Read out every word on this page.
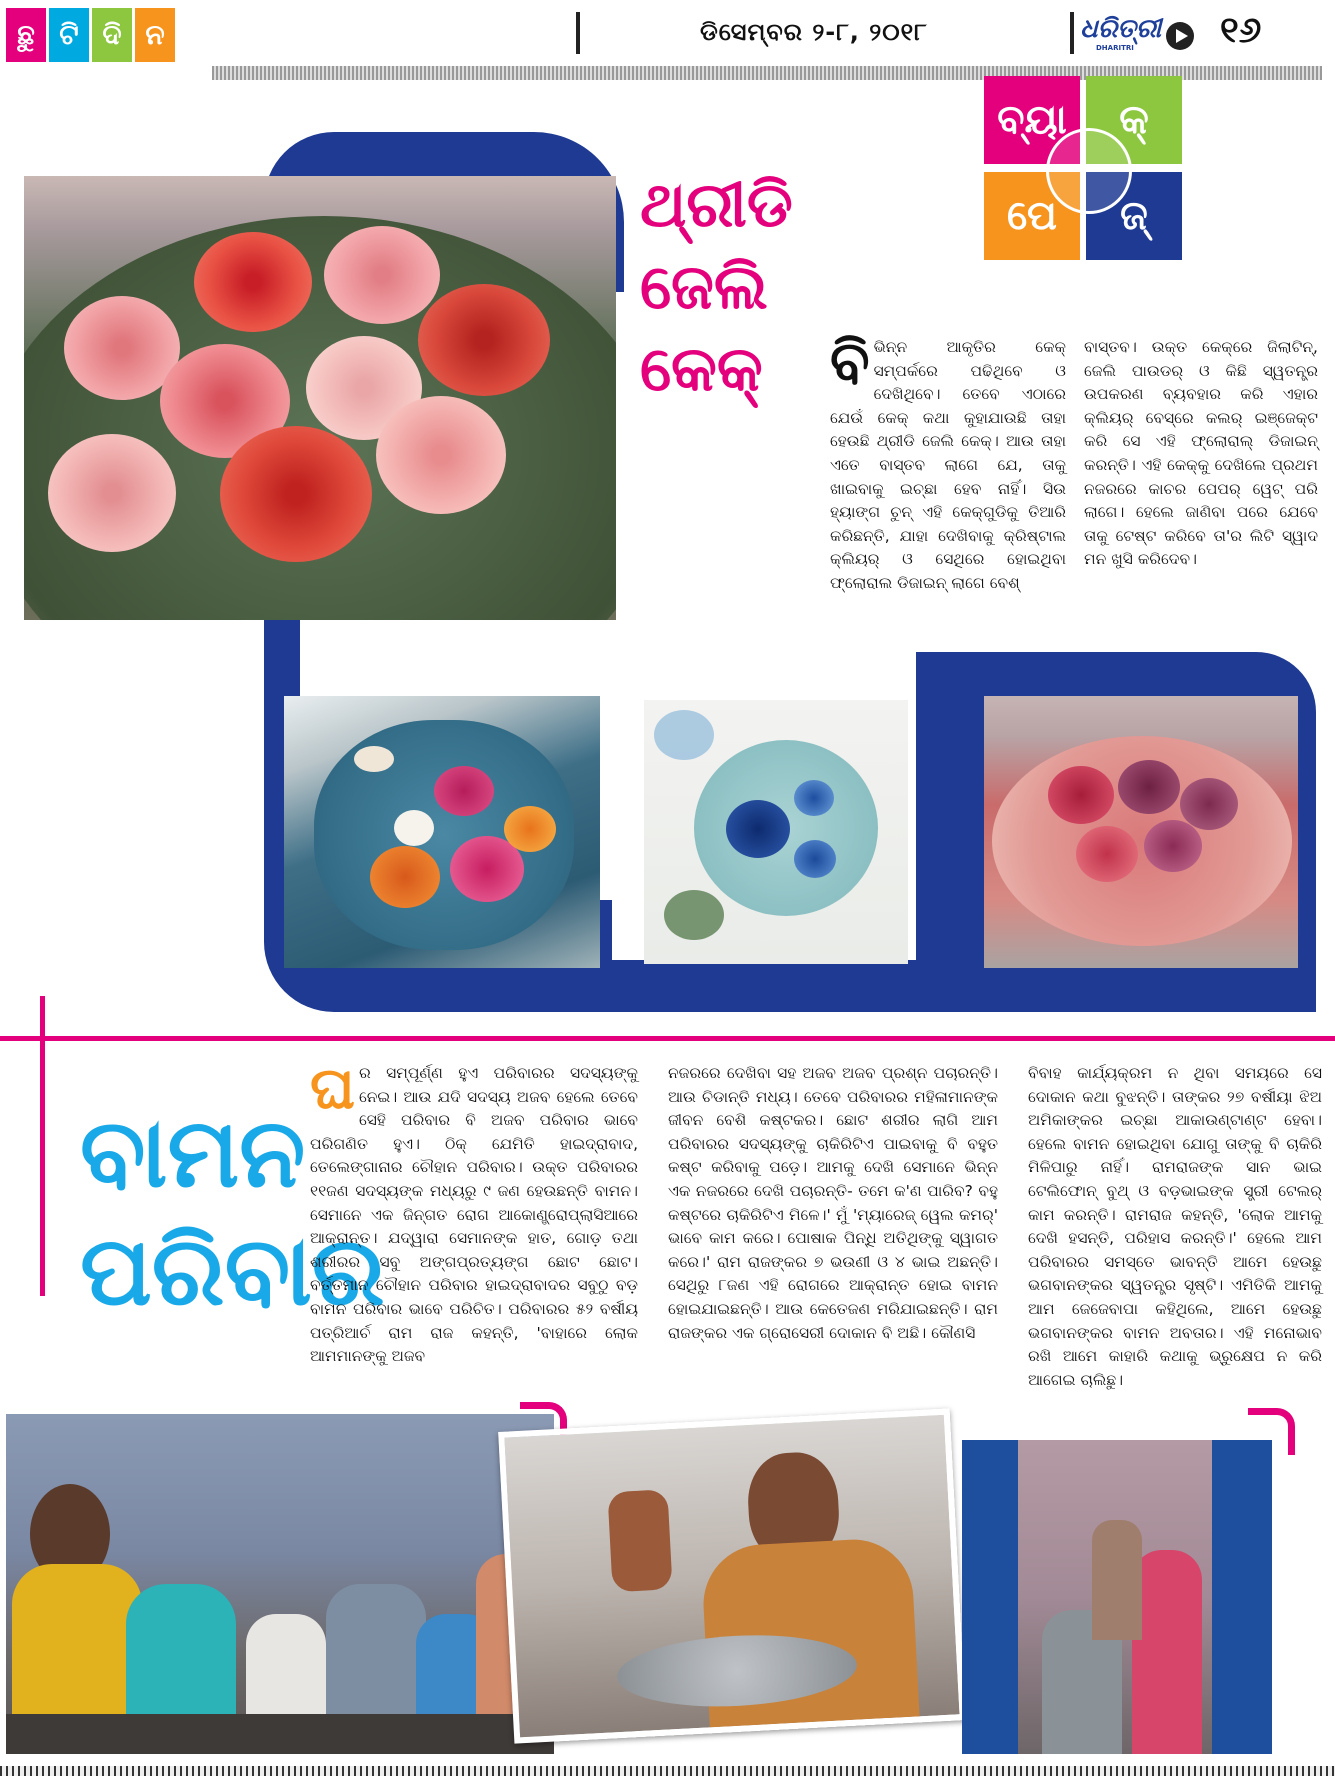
ଛୁ ଟି ଦି ନ	ଡିସେମ୍ବର ୨-୮, ୨୦୧୮	ଧରିତ୍ରୀ
DHARITRI ୧୬
ବ୍ୟା	କ୍
ପେ	ଜ୍
ଥ୍ରୀଡି
ଜେଲି
କେକ୍	ବି ଭିନ୍ନ ଆକୃତିର କେକ୍ ସମ୍ପର୍କରେ ପଢିଥିବେ ଓ ଦେଖିଥିବେ। ତେବେ ଏଠାରେ ଯେଉଁ କେକ୍ କଥା କୁହାଯାଉଛି ତାହା ହେଉଛି ଥ୍ରୀଡି ଜେଲି କେକ୍। ଆଉ ତାହା ଏତେ ବାସ୍ତବ ଲାଗେ ଯେ, ତାକୁ ଖାଇବାକୁ ଇଚ୍ଛା ହେବ ନାହିଁ। ସିଉ ହ୍ୟାଙ୍ଗ ଚୁନ୍ ଏହି କେକ୍‌ଗୁଡିକୁ ତିଆରି କରିଛନ୍ତି, ଯାହା ଦେଖିବାକୁ କ୍ରିଷ୍ଟାଲ କ୍ଲିୟର୍ ଓ ସେଥିରେ ହୋଇଥିବା ଫ୍ଲୋରାଲ ଡିଜାଇନ୍ ଲାଗେ ବେଶ୍
ବାସ୍ତବ। ଉକ୍ତ କେକ୍‌ରେ ଜିଲାଟିନ୍, ଜେଲି ପାଉଡର୍ ଓ କିଛି ସ୍ୱତନ୍ତ୍ର ଉପକରଣ ବ୍ୟବହାର କରି ଏହାର କ୍ଲିୟର୍ ବେସ୍‌ରେ କଲର୍ ଇଞ୍ଜେକ୍ଟ କରି ସେ ଏହି ଫ୍ଲୋରାଲ୍ ଡିଜାଇନ୍ କରନ୍ତି। ଏହି କେକ୍‌କୁ ଦେଖିଲେ ପ୍ରଥମ ନଜରରେ କାଚର ପେପର୍ ୱେଟ୍ ପରି ଲାଗେ। ହେଲେ ଜାଣିବା ପରେ ଯେବେ ତାକୁ ଟେଷ୍ଟ କରିବେ ତା'ର ଲିଟି ସ୍ୱାଦ ମନ ଖୁସି କରିଦେବ।
ବାମନ
ପରିବାର
ଘ ର ସମ୍ପୂର୍ଣ୍ଣ ହୁଏ ପରିବାରର ସଦସ୍ୟଙ୍କୁ ନେଇ। ଆଉ ଯଦି ସଦସ୍ୟ ଅଜବ ହେଲେ ତେବେ ସେହି ପରିବାର ବି ଅଜବ ପରିବାର ଭାବେ ପରିଗଣିତ ହୁଏ। ଠିକ୍ ଯେମିତି ହାଇଦ୍ରାବାଦ, ତେଲେଙ୍ଗାନାର ଚୌହାନ ପରିବାର। ଉକ୍ତ ପରିବାରର ୧୧ଜଣ ସଦସ୍ୟଙ୍କ ମଧ୍ୟରୁ ୯ ଜଣ ହେଉଛନ୍ତି ବାମନ। ସେମାନେ ଏକ ଜିନ୍‌ଗତ ରୋଗ ଆକୋଣ୍ଡ୍ରୋପ୍ଲାସିଆରେ ଆକ୍ରାନ୍ତ। ଯଦ୍ୱାରା ସେମାନଙ୍କ ହାତ, ଗୋଡ଼ ତଥା ଶରୀରର ସବୁ ଅଙ୍ଗପ୍ରତ୍ୟଙ୍ଗ ଛୋଟ ଛୋଟ। ବର୍ତ୍ତମାନ ଚୌହାନ ପରିବାର ହାଇଦ୍ରାବାଦର ସବୁଠୁ ବଡ଼ ବାମନ ପରିବାର ଭାବେ ପରିଚିତ। ପରିବାରର ୫୨ ବର୍ଷୀୟ ପତ୍ରିଆର୍ଚ ରାମ ରାଜ କହନ୍ତି, 'ବାହାରେ ଲୋକ ଆମମାନଙ୍କୁ ଅଜବ
ନଜରରେ ଦେଖିବା ସହ ଅଜବ ଅଜବ ପ୍ରଶ୍ନ ପଚାରନ୍ତି। ଆଉ ଚିଡାନ୍ତି ମଧ୍ୟ। ତେବେ ପରିବାରର ମହିଳାମାନଙ୍କ ଜୀବନ ବେଶି କଷ୍ଟକର। ଛୋଟ ଶରୀର ଲାଗି ଆମ ପରିବାରର ସଦସ୍ୟଙ୍କୁ ଚାକିରିଟିଏ ପାଇବାକୁ ବି ବହୁତ କଷ୍ଟ କରିବାକୁ ପଡ଼େ। ଆମକୁ ଦେଖି ସେମାନେ ଭିନ୍ନ ଏକ ନଜରରେ ଦେଖି ପଚାରନ୍ତି- ତମେ କ'ଣ ପାରିବ? ବହୁ କଷ୍ଟରେ ଚାକିରିଟିଏ ମିଳେ।' ମୁଁ 'ମ୍ୟାରେଜ୍ ୱେଲ କମର୍' ଭାବେ କାମ କରେ। ପୋଷାକ ପିନ୍ଧି ଅତିଥିଙ୍କୁ ସ୍ୱାଗତ କରେ।' ରାମ ରାଜଙ୍କର ୭ ଭଉଣୀ ଓ ୪ ଭାଇ ଅଛନ୍ତି। ସେଥିରୁ ୮ଜଣ ଏହି ରୋଗରେ ଆକ୍ରାନ୍ତ ହୋଇ ବାମନ ହୋଇଯାଇଛନ୍ତି। ଆଉ କେତେଜଣ ମରିଯାଇଛନ୍ତି। ରାମ ରାଜଙ୍କର ଏକ ଗ୍ରୋସେରୀ ଦୋକାନ ବି ଅଛି। କୌଣସି
ବିବାହ କାର୍ଯ୍ୟକ୍ରମ ନ ଥିବା ସମୟରେ ସେ ଦୋକାନ କଥା ବୁଝନ୍ତି। ତାଙ୍କର ୨୭ ବର୍ଷୀୟା ଝିଅ ଅମିକାଙ୍କର ଇଚ୍ଛା ଆକାଉଣ୍ଟାଣ୍ଟ ହେବା। ହେଲେ ବାମନ ହୋଇଥିବା ଯୋଗୁ ତାଙ୍କୁ ବି ଚାକିରି ମିଳିପାରୁ ନାହିଁ। ରାମରାଜଙ୍କ ସାନ ଭାଇ ଟେଲିଫୋନ୍ ବୁଥ୍ ଓ ବଡ଼ଭାଇଙ୍କ ସ୍ତ୍ରୀ ଟେଲର୍ କାମ କରନ୍ତି। ରାମରାଜ କହନ୍ତି, 'ଲୋକ ଆମକୁ ଦେଖି ହସନ୍ତି, ପରିହାସ କରନ୍ତି।' ହେଲେ ଆମ ପରିବାରର ସମସ୍ତେ ଭାବନ୍ତି ଆମେ ହେଉଛୁ ଭଗବାନଙ୍କର ସ୍ୱତନ୍ତ୍ର ସୃଷ୍ଟି। ଏମିତିକି ଆମକୁ ଆମ ଜେଜେବାପା କହିଥିଲେ, ଆମେ ହେଉଛୁ ଭଗବାନଙ୍କର ବାମନ ଅବତାର। ଏହି ମନୋଭାବ ରଖି ଆମେ କାହାରି କଥାକୁ ଭ୍ରୁକ୍ଷେପ ନ କରି ଆଗେଇ ଚାଲିଛୁ।
